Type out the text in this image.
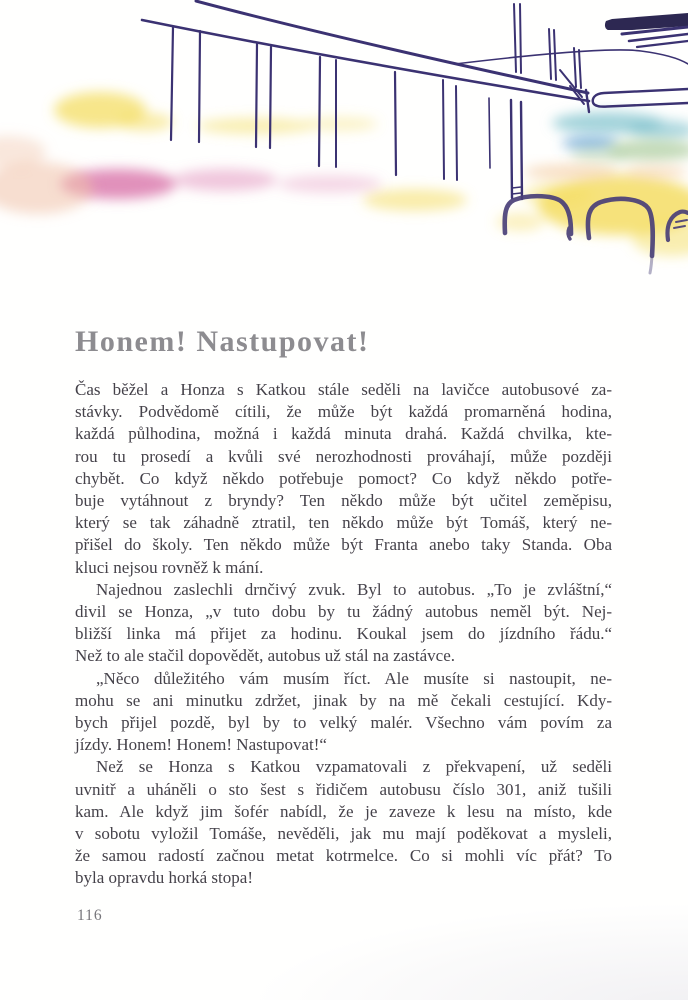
Honem! Nastupovat!
Čas běžel a Honza s Katkou stále seděli na lavičce autobusové za-
stávky. Podvědomě cítili, že může být každá promarněná hodina,
každá půlhodina, možná i každá minuta drahá. Každá chvilka, kte-
rou tu prosedí a kvůli své nerozhodnosti prováhají, může později
chybět. Co když někdo potřebuje pomoct? Co když někdo potře-
buje vytáhnout z bryndy? Ten někdo může být učitel zeměpisu,
který se tak záhadně ztratil, ten někdo může být Tomáš, který ne-
přišel do školy. Ten někdo může být Franta anebo taky Standa. Oba
kluci nejsou rovněž k mání.
Najednou zaslechli drnčivý zvuk. Byl to autobus. „To je zvláštní,“
divil se Honza, „v tuto dobu by tu žádný autobus neměl být. Nej-
bližší linka má přijet za hodinu. Koukal jsem do jízdního řádu.“
Než to ale stačil dopovědět, autobus už stál na zastávce.
„Něco důležitého vám musím říct. Ale musíte si nastoupit, ne-
mohu se ani minutku zdržet, jinak by na mě čekali cestující. Kdy-
bych přijel pozdě, byl by to velký malér. Všechno vám povím za
jízdy. Honem! Honem! Nastupovat!“
Než se Honza s Katkou vzpamatovali z překvapení, už seděli
uvnitř a uháněli o sto šest s řidičem autobusu číslo 301, aniž tušili
kam. Ale když jim šofér nabídl, že je zaveze k lesu na místo, kde
v sobotu vyložil Tomáše, nevěděli, jak mu mají poděkovat a mysleli,
že samou radostí začnou metat kotrmelce. Co si mohli víc přát? To
byla opravdu horká stopa!
116
